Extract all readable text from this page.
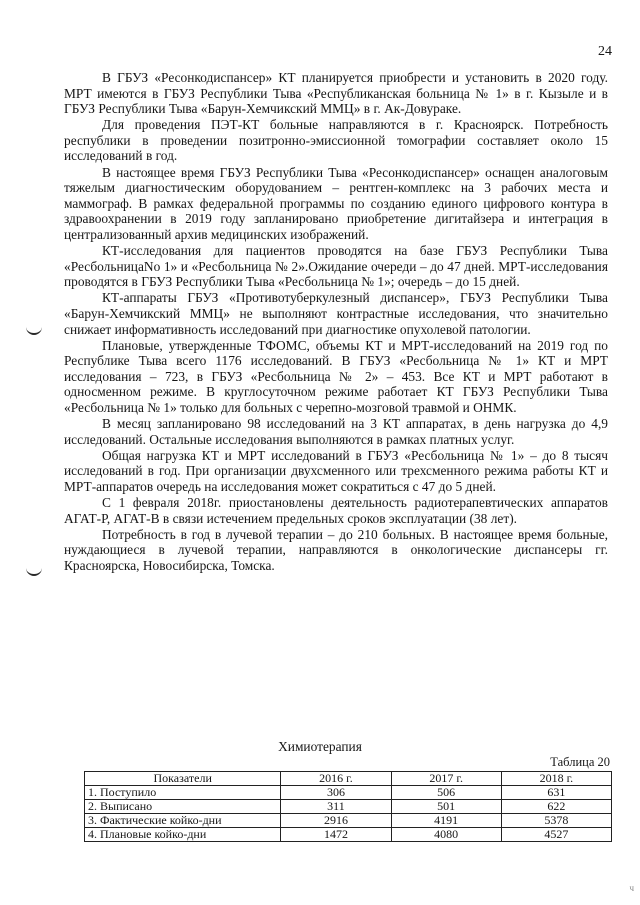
24

В ГБУЗ «Ресонкодиспансер» КТ планируется приобрести и установить в 2020 году. МРТ имеются в ГБУЗ Республики Тыва «Республиканская больница № 1» в г. Кызыле и в ГБУЗ Республики Тыва «Барун-Хемчикский ММЦ» в г. Ак-Довураке.

Для проведения ПЭТ-КТ больные направляются в г. Красноярск. Потребность республики в проведении позитронно-эмиссионной томографии составляет около 15 исследований в год.

В настоящее время ГБУЗ Республики Тыва «Ресонкодиспансер» оснащен аналоговым тяжелым диагностическим оборудованием – рентген-комплекс на 3 рабочих места и маммограф. В рамках федеральной программы по созданию единого цифрового контура в здравоохранении в 2019 году запланировано приобретение дигитайзера и интеграция в централизованный архив медицинских изображений.

КТ-исследования для пациентов проводятся на базе ГБУЗ Республики Тыва «РесбольницаNo 1» и «Ресбольница № 2».Ожидание очереди – до 47 дней. МРТ-исследования проводятся в ГБУЗ Республики Тыва «Ресбольница № 1»; очередь – до 15 дней.

КТ-аппараты ГБУЗ «Противотуберкулезный диспансер», ГБУЗ Республики Тыва «Барун-Хемчикский ММЦ» не выполняют контрастные исследования, что значительно снижает информативность исследований при диагностике опухолевой патологии.

Плановые, утвержденные ТФОМС, объемы КТ и МРТ-исследований на 2019 год по Республике Тыва всего 1176 исследований. В ГБУЗ «Ресбольница № 1» КТ и МРТ исследования – 723, в ГБУЗ «Ресбольница № 2» – 453. Все КТ и МРТ работают в односменном режиме. В круглосуточном режиме работает КТ ГБУЗ Республики Тыва «Ресбольница № 1» только для больных с черепно-мозговой травмой и ОНМК.

В месяц запланировано 98 исследований на 3 КТ аппаратах, в день нагрузка до 4,9 исследований. Остальные исследования выполняются в рамках платных услуг.

Общая нагрузка КТ и МРТ исследований в ГБУЗ «Ресбольница № 1» – до 8 тысяч исследований в год. При организации двухсменного или трехсменного режима работы КТ и МРТ-аппаратов очередь на исследования может сократиться с 47 до 5 дней.

С 1 февраля 2018г. приостановлены деятельность радиотерапевтических аппаратов АГАТ-Р, АГАТ-В в связи истечением предельных сроков эксплуатации (38 лет).

Потребность в год в лучевой терапии – до 210 больных. В настоящее время больные, нуждающиеся в лучевой терапии, направляются в онкологические диспансеры гг. Красноярска, Новосибирска, Томска.

Химиотерапия
Таблица 20
Показатели	2016 г.	2017 г.	2018 г.
1. Поступило	306	506	631
2. Выписано	311	501	622
3. Фактические койко-дни	2916	4191	5378
4. Плановые койко-дни	1472	4080	4527
ч
